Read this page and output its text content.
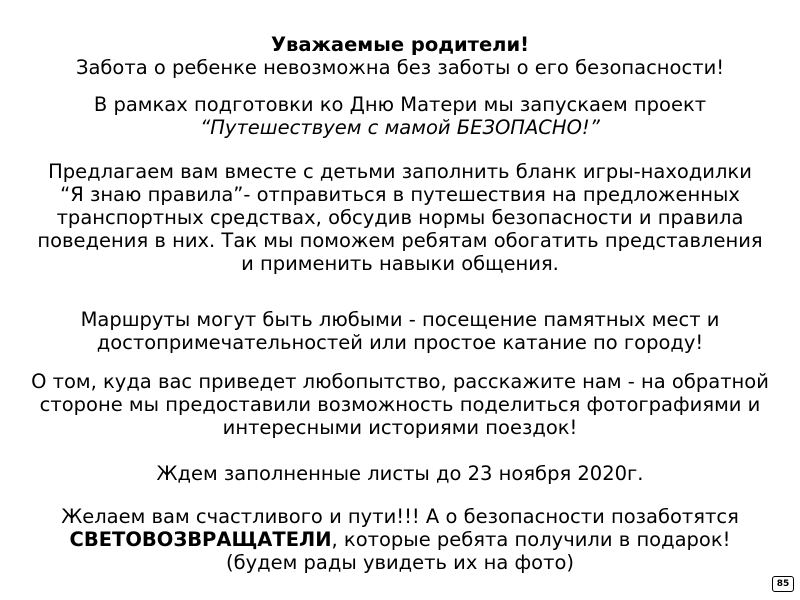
Уважаемые родители!
Забота о ребенке невозможна без заботы о его безопасности!
В рамках подготовки ко Дню Матери мы запускаем проект
“Путешествуем с мамой БЕЗОПАСНО!”
Предлагаем вам вместе с детьми заполнить бланк игры-находилки
“Я знаю правила”- отправиться в путешествия на предложенных
транспортных средствах, обсудив нормы безопасности и правила
поведения в них. Так мы поможем ребятам обогатить представления
и применить навыки общения.
Маршруты могут быть любыми - посещение памятных мест и
достопримечательностей или простое катание по городу!
О том, куда вас приведет любопытство, расскажите нам - на обратной
стороне мы предоставили возможность поделиться фотографиями и
интересными историями поездок!
Ждем заполненные листы до 23 ноября 2020г.
Желаем вам счастливого и пути!!! А о безопасности позаботятся
СВЕТОВОЗВРАЩАТЕЛИ, которые ребята получили в подарок!
(будем рады увидеть их на фото)
85
